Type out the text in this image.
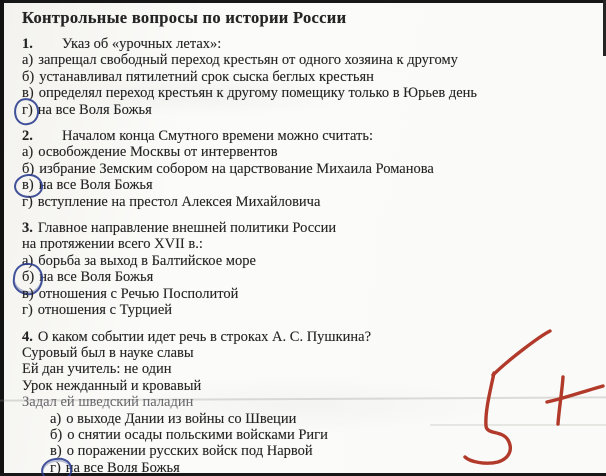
Контрольные вопросы по истории России
1. Указ об «урочных летах»:
а) запрещал свободный переход крестьян от одного хозяина к другому
б) устанавливал пятилетний срок сыска беглых крестьян
в) определял переход крестьян к другому помещику только в Юрьев день
г) на все Воля Божья
2. Началом конца Смутного времени можно считать:
а) освобождение Москвы от интервентов
б) избрание Земским собором на царствование Михаила Романова
в) на все Воля Божья
г) вступление на престол Алексея Михайловича
3. Главное направление внешней политики России
на протяжении всего XVII в.:
а) борьба за выход в Балтийское море
б) на все Воля Божья
в) отношения с Речью Посполитой
г) отношения с Турцией
4. О каком событии идет речь в строках А. С. Пушкина?
Суровый был в науке славы
Ей дан учитель: не один
Урок нежданный и кровавый
Задал ей шведский паладин
а) о выходе Дании из войны со Швеции
б) о снятии осады польскими войсками Риги
в) о поражении русских войск под Нарвой
г) на все Воля Божья
